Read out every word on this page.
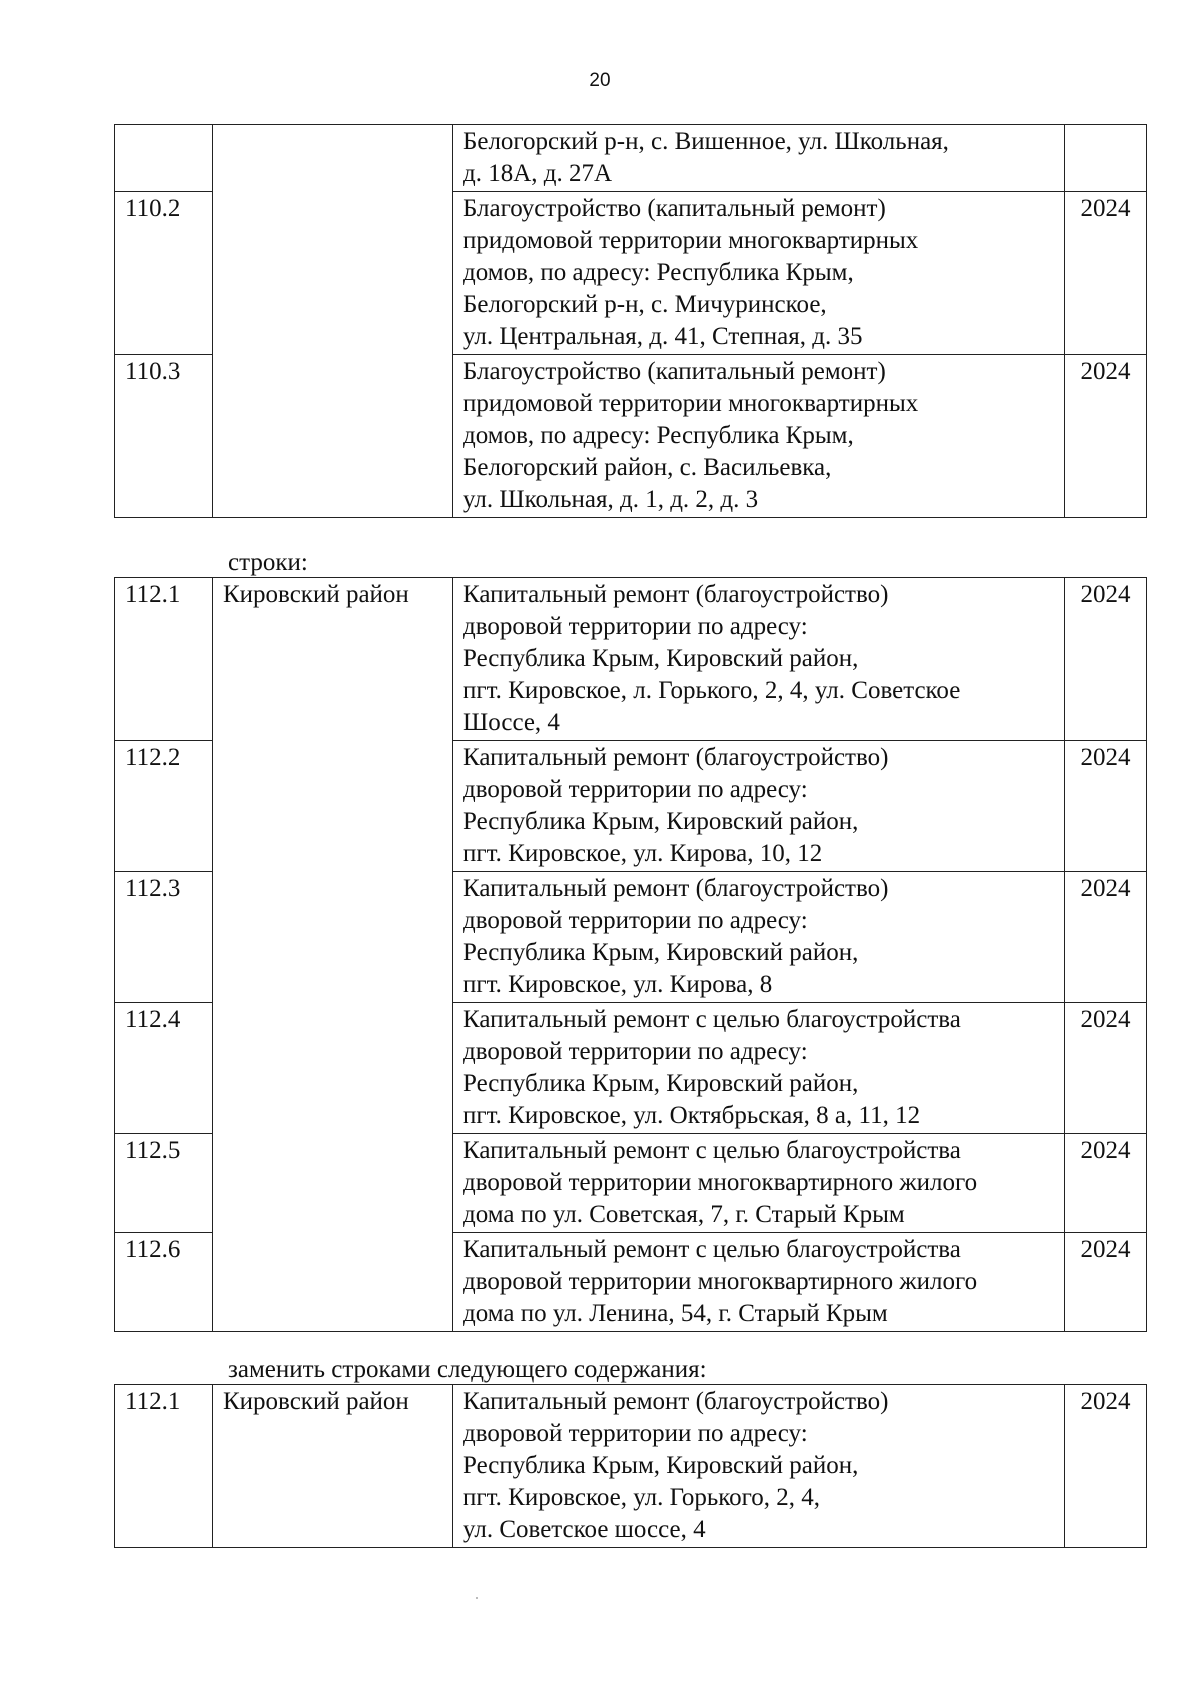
20
		Белогорский р-н, с. Вишенное, ул. Школьная,
д. 18А, д. 27А	
110.2		Благоустройство (капитальный ремонт)
придомовой территории многоквартирных
домов, по адресу: Республика Крым,
Белогорский р-н, с. Мичуринское,
ул. Центральная, д. 41, Степная, д. 35	2024
110.3		Благоустройство (капитальный ремонт)
придомовой территории многоквартирных
домов, по адресу: Республика Крым,
Белогорский район, с. Васильевка,
ул. Школьная, д. 1, д. 2, д. 3	2024
строки:
112.1	Кировский район	Капитальный ремонт (благоустройство)
дворовой территории по адресу:
Республика Крым, Кировский район,
пгт. Кировское, л. Горького, 2, 4, ул. Советское
Шоссе, 4	2024
112.2		Капитальный ремонт (благоустройство)
дворовой территории по адресу:
Республика Крым, Кировский район,
пгт. Кировское, ул. Кирова, 10, 12	2024
112.3		Капитальный ремонт (благоустройство)
дворовой территории по адресу:
Республика Крым, Кировский район,
пгт. Кировское, ул. Кирова, 8	2024
112.4		Капитальный ремонт с целью благоустройства
дворовой территории по адресу:
Республика Крым, Кировский район,
пгт. Кировское, ул. Октябрьская, 8 а, 11, 12	2024
112.5		Капитальный ремонт с целью благоустройства
дворовой территории многоквартирного жилого
дома по ул. Советская, 7, г. Старый Крым	2024
112.6		Капитальный ремонт с целью благоустройства
дворовой территории многоквартирного жилого
дома по ул. Ленина, 54, г. Старый Крым	2024
заменить строками следующего содержания:
112.1	Кировский район	Капитальный ремонт (благоустройство)
дворовой территории по адресу:
Республика Крым, Кировский район,
пгт. Кировское, ул. Горького, 2, 4,
ул. Советское шоссе, 4	2024
